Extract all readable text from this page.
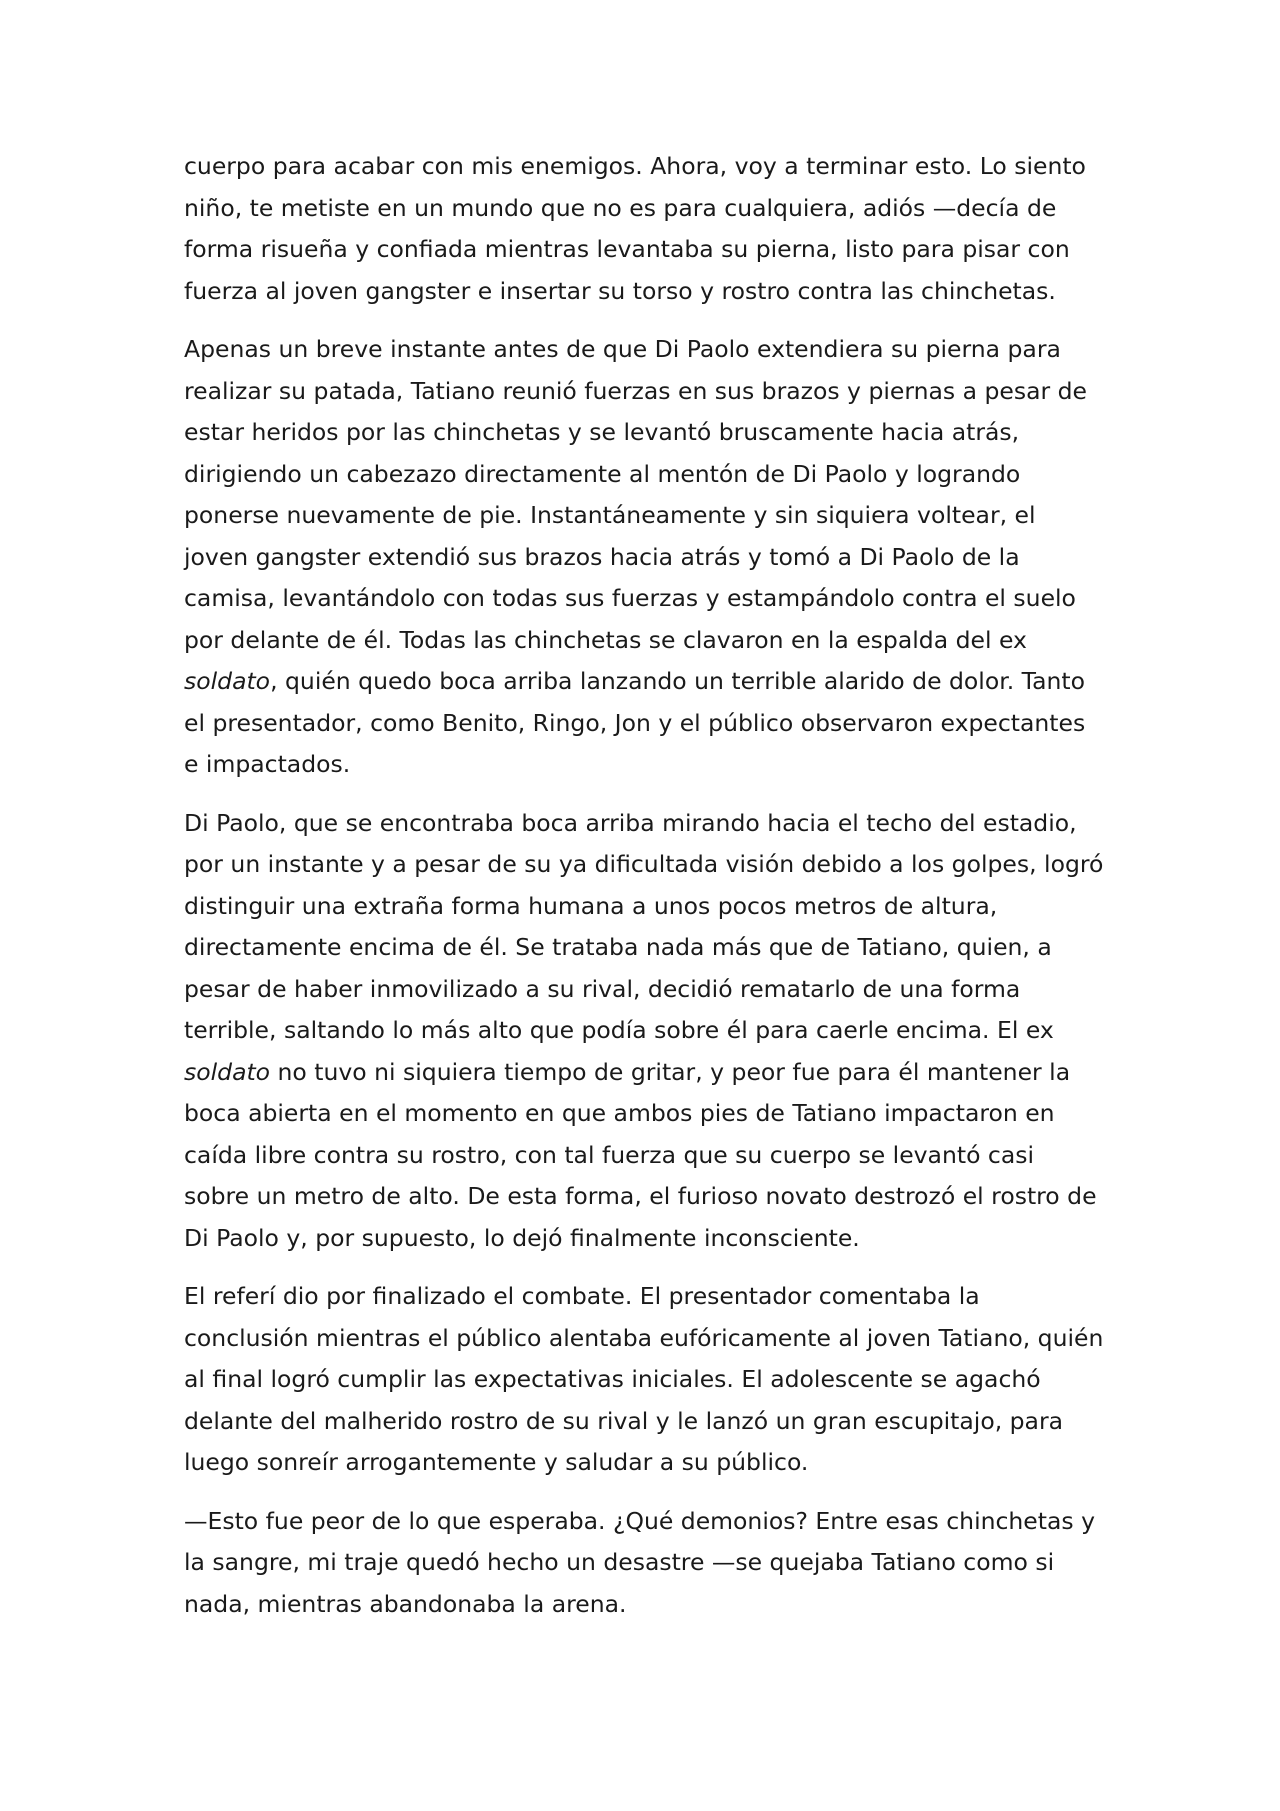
cuerpo para acabar con mis enemigos. Ahora, voy a terminar esto. Lo siento niño, te metiste en un mundo que no es para cualquiera, adiós —decía de forma risueña y confiada mientras levantaba su pierna, listo para pisar con fuerza al joven gangster e insertar su torso y rostro contra las chinchetas.

Apenas un breve instante antes de que Di Paolo extendiera su pierna para realizar su patada, Tatiano reunió fuerzas en sus brazos y piernas a pesar de estar heridos por las chinchetas y se levantó bruscamente hacia atrás, dirigiendo un cabezazo directamente al mentón de Di Paolo y logrando ponerse nuevamente de pie. Instantáneamente y sin siquiera voltear, el joven gangster extendió sus brazos hacia atrás y tomó a Di Paolo de la camisa, levantándolo con todas sus fuerzas y estampándolo contra el suelo por delante de él. Todas las chinchetas se clavaron en la espalda del ex soldato, quién quedo boca arriba lanzando un terrible alarido de dolor. Tanto el presentador, como Benito, Ringo, Jon y el público observaron expectantes e impactados.

Di Paolo, que se encontraba boca arriba mirando hacia el techo del estadio, por un instante y a pesar de su ya dificultada visión debido a los golpes, logró distinguir una extraña forma humana a unos pocos metros de altura, directamente encima de él. Se trataba nada más que de Tatiano, quien, a pesar de haber inmovilizado a su rival, decidió rematarlo de una forma terrible, saltando lo más alto que podía sobre él para caerle encima. El ex soldato no tuvo ni siquiera tiempo de gritar, y peor fue para él mantener la boca abierta en el momento en que ambos pies de Tatiano impactaron en caída libre contra su rostro, con tal fuerza que su cuerpo se levantó casi sobre un metro de alto. De esta forma, el furioso novato destrozó el rostro de Di Paolo y, por supuesto, lo dejó finalmente inconsciente.

El referí dio por finalizado el combate. El presentador comentaba la conclusión mientras el público alentaba eufóricamente al joven Tatiano, quién al final logró cumplir las expectativas iniciales. El adolescente se agachó delante del malherido rostro de su rival y le lanzó un gran escupitajo, para luego sonreír arrogantemente y saludar a su público.

—Esto fue peor de lo que esperaba. ¿Qué demonios? Entre esas chinchetas y la sangre, mi traje quedó hecho un desastre —se quejaba Tatiano como si nada, mientras abandonaba la arena.
